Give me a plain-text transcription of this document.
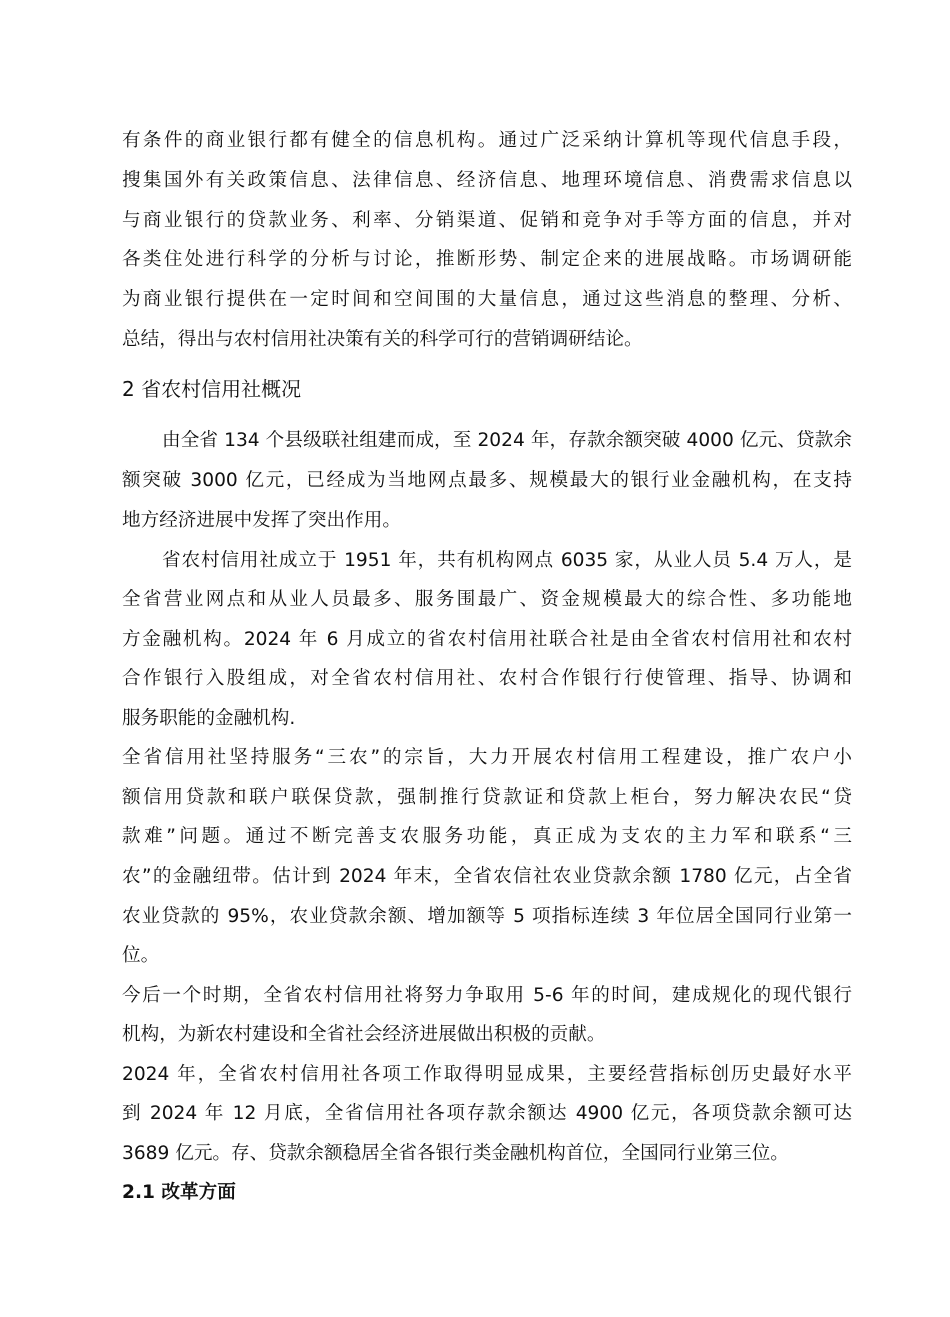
有条件的商业银行都有健全的信息机构。通过广泛采纳计算机等现代信息手段，
搜集国外有关政策信息、法律信息、经济信息、地理环境信息、消费需求信息以
与商业银行的贷款业务、利率、分销渠道、促销和竞争对手等方面的信息，并对
各类住处进行科学的分析与讨论，推断形势、制定企来的进展战略。市场调研能
为商业银行提供在一定时间和空间围的大量信息，通过这些消息的整理、分析、
总结，得出与农村信用社决策有关的科学可行的营销调研结论。
2 省农村信用社概况
由全省 134 个县级联社组建而成，至 2024 年，存款余额突破 4000 亿元、贷款余
额突破 3000 亿元，已经成为当地网点最多、规模最大的银行业金融机构，在支持
地方经济进展中发挥了突出作用。
省农村信用社成立于 1951 年，共有机构网点 6035 家，从业人员 5.4 万人，是
全省营业网点和从业人员最多、服务围最广、资金规模最大的综合性、多功能地
方金融机构。2024 年 6 月成立的省农村信用社联合社是由全省农村信用社和农村
合作银行入股组成，对全省农村信用社、农村合作银行行使管理、指导、协调和
服务职能的金融机构.
全省信用社坚持服务“三农”的宗旨，大力开展农村信用工程建设，推广农户小
额信用贷款和联户联保贷款，强制推行贷款证和贷款上柜台，努力解决农民“贷
款难”问题。通过不断完善支农服务功能，真正成为支农的主力军和联系“三
农”的金融纽带。估计到 2024 年末，全省农信社农业贷款余额 1780 亿元，占全省
农业贷款的 95%，农业贷款余额、增加额等 5 项指标连续 3 年位居全国同行业第一
位。
今后一个时期，全省农村信用社将努力争取用 5-6 年的时间，建成规化的现代银行
机构，为新农村建设和全省社会经济进展做出积极的贡献。
2024 年，全省农村信用社各项工作取得明显成果，主要经营指标创历史最好水平
到 2024 年 12 月底，全省信用社各项存款余额达 4900 亿元，各项贷款余额可达
3689 亿元。存、贷款余额稳居全省各银行类金融机构首位，全国同行业第三位。
2.1 改革方面
